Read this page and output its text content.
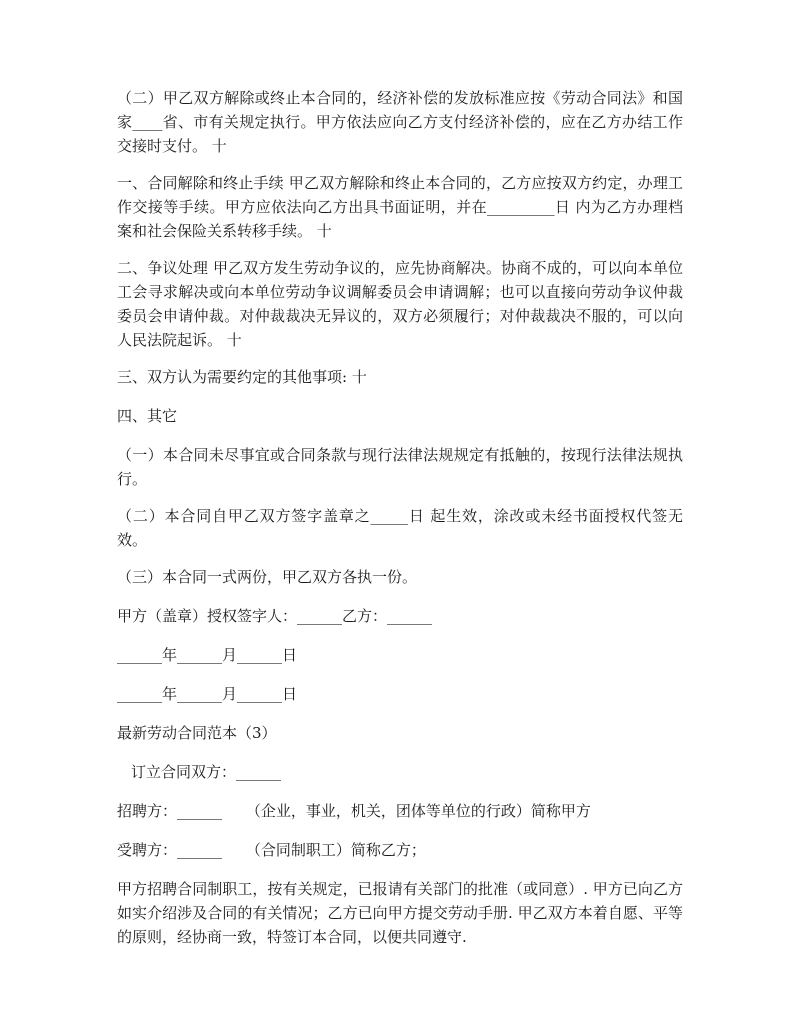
（二）甲乙双方解除或终止本合同的，经济补偿的发放标准应按《劳动合同法》和国家____省、市有关规定执行。甲方依法应向乙方支付经济补偿的，应在乙方办结工作交接时支付。 十

一、合同解除和终止手续 甲乙双方解除和终止本合同的，乙方应按双方约定，办理工作交接等手续。甲方应依法向乙方出具书面证明，并在_________日 内为乙方办理档案和社会保险关系转移手续。 十

二、争议处理 甲乙双方发生劳动争议的，应先协商解决。协商不成的，可以向本单位工会寻求解决或向本单位劳动争议调解委员会申请调解；也可以直接向劳动争议仲裁委员会申请仲裁。对仲裁裁决无异议的，双方必须履行；对仲裁裁决不服的，可以向人民法院起诉。 十

三、双方认为需要约定的其他事项: 十

四、其它

（一）本合同未尽事宜或合同条款与现行法律法规规定有抵触的，按现行法律法规执行。

（二）本合同自甲乙双方签字盖章之_____日 起生效，涂改或未经书面授权代签无效。

（三）本合同一式两份，甲乙双方各执一份。

甲方（盖章）授权签字人：______乙方：______

______年______月______日

______年______月______日

最新劳动合同范本（3）

订立合同双方：______

招聘方：______     （企业，事业，机关，团体等单位的行政）简称甲方

受聘方：______     （合同制职工）简称乙方；

甲方招聘合同制职工，按有关规定，已报请有关部门的批准（或同意）. 甲方已向乙方如实介绍涉及合同的有关情况；乙方已向甲方提交劳动手册. 甲乙双方本着自愿、平等的原则，经协商一致，特签订本合同，以便共同遵守.
